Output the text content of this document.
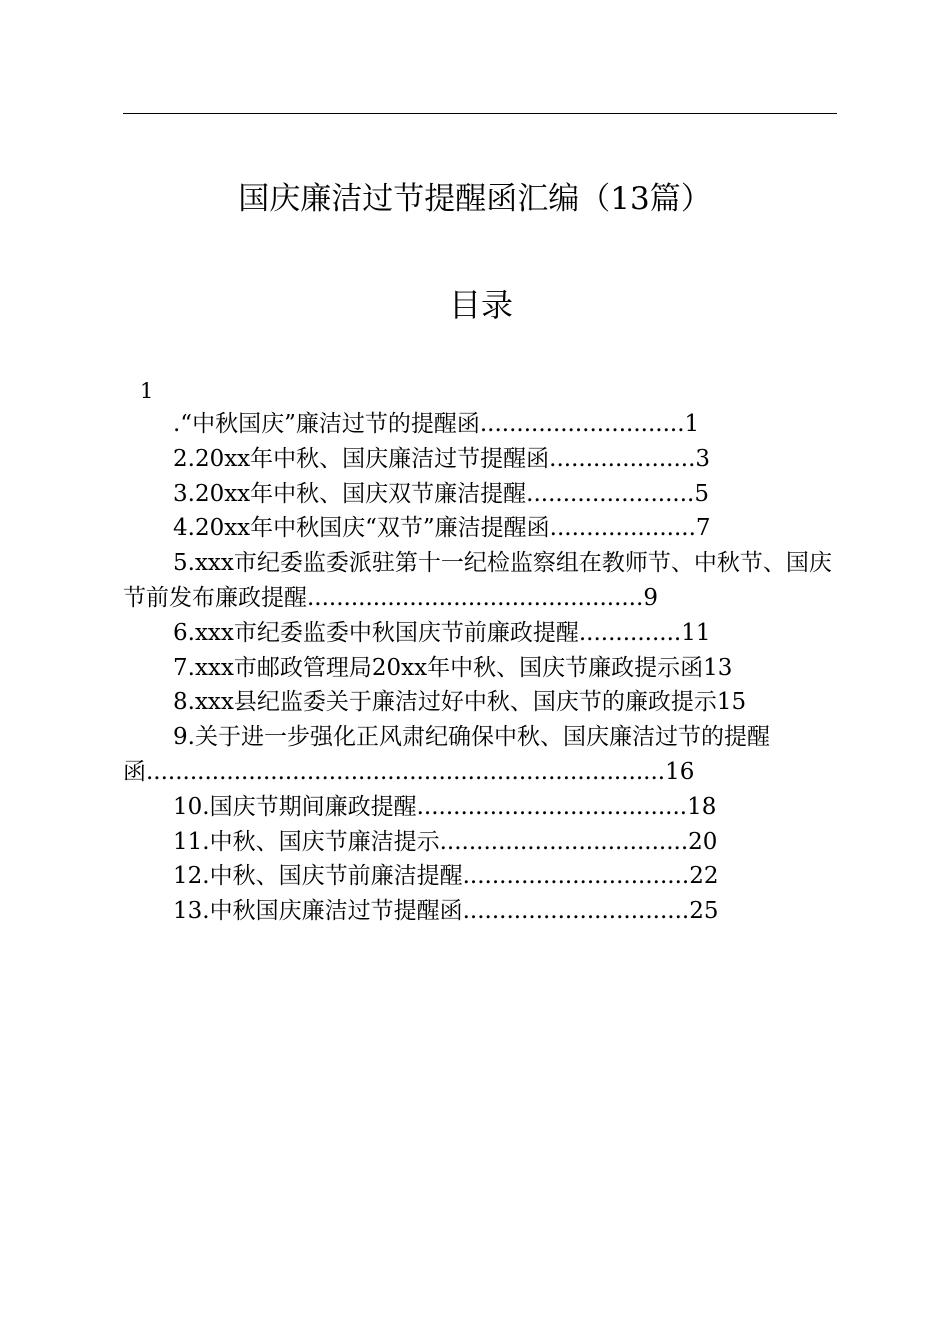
国庆廉洁过节提醒函汇编（13篇）
目录
1
.“中秋国庆”廉洁过节的提醒函............................1
2.20xx年中秋、国庆廉洁过节提醒函....................3
3.20xx年中秋、国庆双节廉洁提醒.......................5
4.20xx年中秋国庆“双节”廉洁提醒函....................7
5.xxx市纪委监委派驻第十一纪检监察组在教师节、中秋节、国庆节前发布廉政提醒..............................................9
6.xxx市纪委监委中秋国庆节前廉政提醒..............11
7.xxx市邮政管理局20xx年中秋、国庆节廉政提示函13
8.xxx县纪监委关于廉洁过好中秋、国庆节的廉政提示15
9.关于进一步强化正风肃纪确保中秋、国庆廉洁过节的提醒函.......................................................................16
10.国庆节期间廉政提醒.....................................18
11.中秋、国庆节廉洁提示..................................20
12.中秋、国庆节前廉洁提醒...............................22
13.中秋国庆廉洁过节提醒函...............................25
